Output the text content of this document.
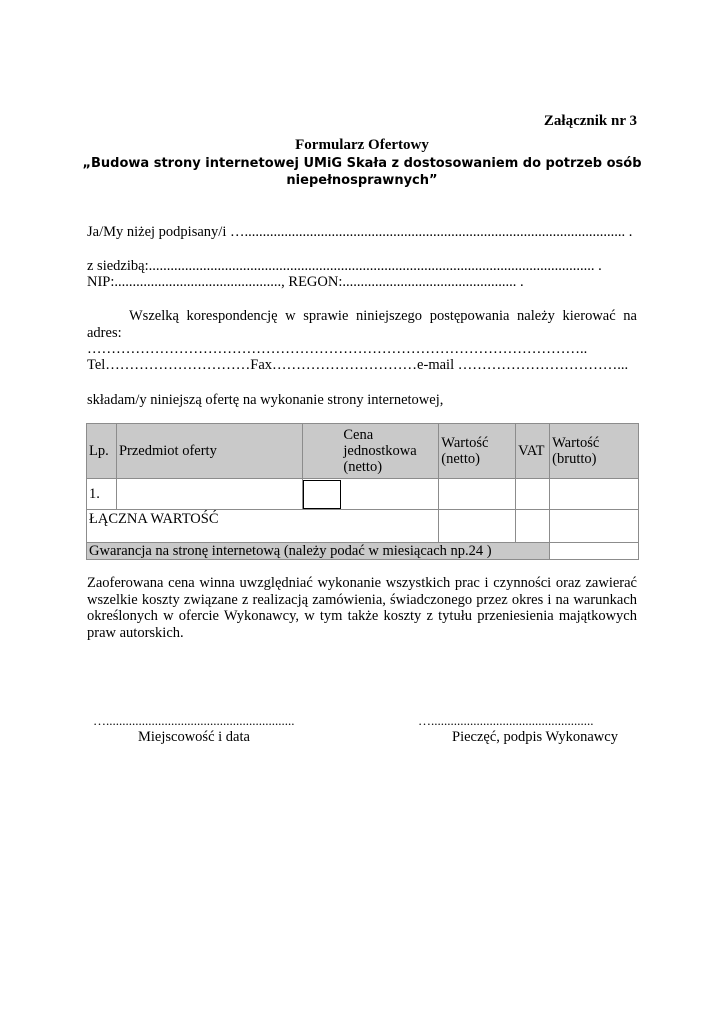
Załącznik nr 3
Formularz Ofertowy
„Budowa strony internetowej UMiG Skała z dostosowaniem do potrzeb osób
niepełnosprawnych”
Ja/My niżej podpisany/i …......................................................................................................... .
z siedzibą:........................................................................................................................... .
NIP:.............................................., REGON:................................................ .
Wszelką korespondencję w sprawie niniejszego postępowania należy kierować na adres:
…………………………………………………………………………………………..
Tel…………………………Fax…………………………e-mail ……………………………...
składam/y niniejszą ofertę na wykonanie strony internetowej,
Lp.	Przedmiot oferty	Cena jednostkowa (netto)	Wartość (netto)	VAT	Wartość (brutto)
1.					
ŁĄCZNA WARTOŚĆ					
Gwarancja na stronę internetową (należy podać w miesiącach np.24 )					
Zaoferowana cena winna uwzględniać wykonanie wszystkich prac i czynności oraz zawierać wszelkie koszty związane z realizacją zamówienia, świadczonego przez okres i na warunkach określonych w ofercie Wykonawcy, w tym także koszty z tytułu przeniesienia majątkowych praw autorskich.
…..........................................................
Miejscowość i data
…..................................................
Pieczęć, podpis Wykonawcy
